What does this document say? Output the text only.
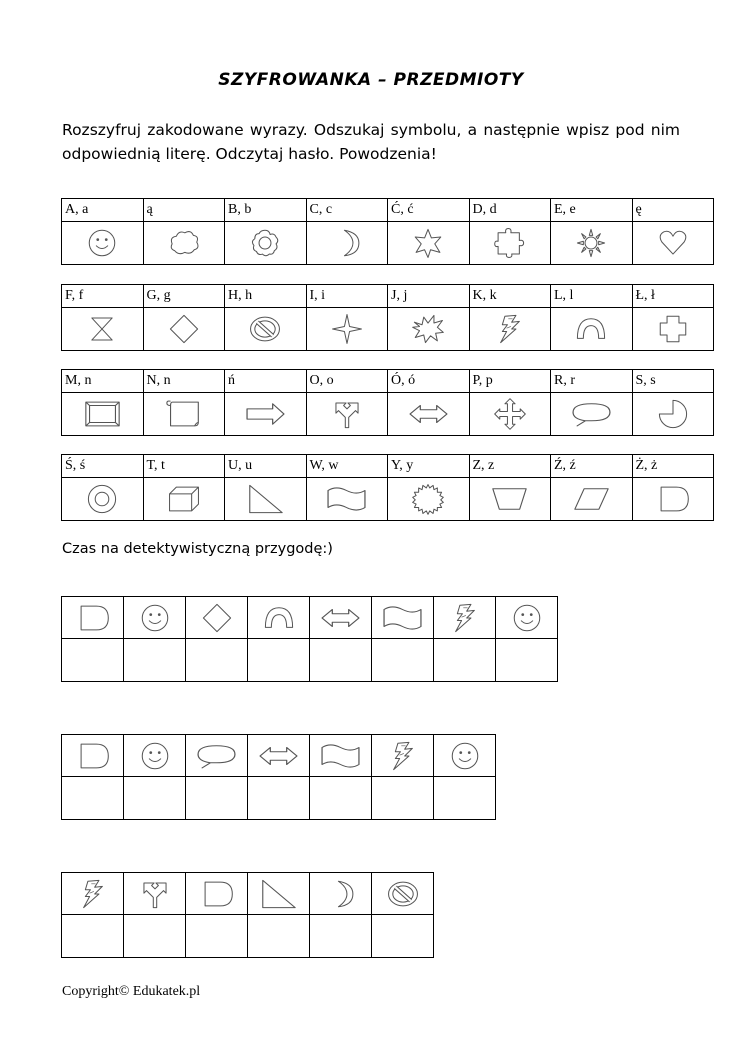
SZYFROWANKA – PRZEDMIOTY
Rozszyfruj zakodowane wyrazy. Odszukaj symbolu, a następnie wpisz pod nim
odpowiednią literę. Odczytaj hasło. Powodzenia!
A, a	ą	B, b	C, c	Ć, ć	D, d	E, e	ę

F, f	G, g	H, h	I, i	J, j	K, k	L, l	Ł, ł

M, n	N, n	ń	O, o	Ó, ó	P, p	R, r	S, s

Ś, ś	T, t	U, u	W, w	Y, y	Z, z	Ź, ź	Ż, ż

Czas na detektywistyczną przygodę:)

Copyright© Edukatek.pl
